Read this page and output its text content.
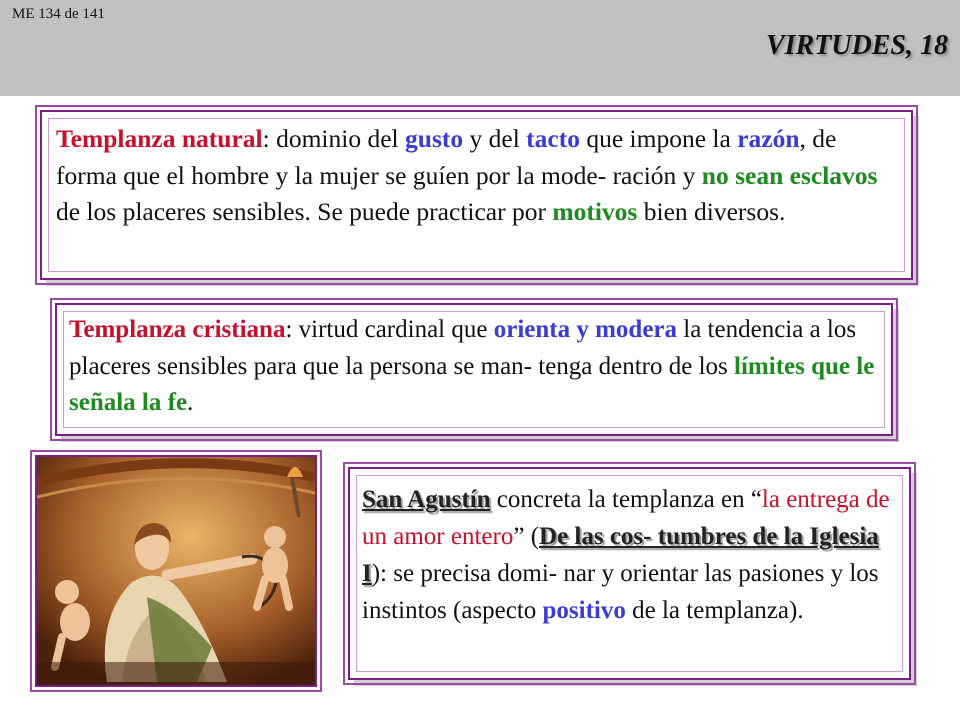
ME 134 de 141
VIRTUDES, 18

Templanza natural: dominio del gusto y del tacto que impone la razón, de forma que el hombre y la mujer se guíen por la mode- ración y no sean esclavos de los placeres sensibles. Se puede practicar por motivos bien diversos.

Templanza cristiana: virtud cardinal que orienta y modera la tendencia a los placeres sensibles para que la persona se man- tenga dentro de los límites que le señala la fe.

San Agustín concreta la templanza en “la entrega de un amor entero” (De las cos- tumbres de la Iglesia I): se precisa domi- nar y orientar las pasiones y los instintos (aspecto positivo de la templanza).
